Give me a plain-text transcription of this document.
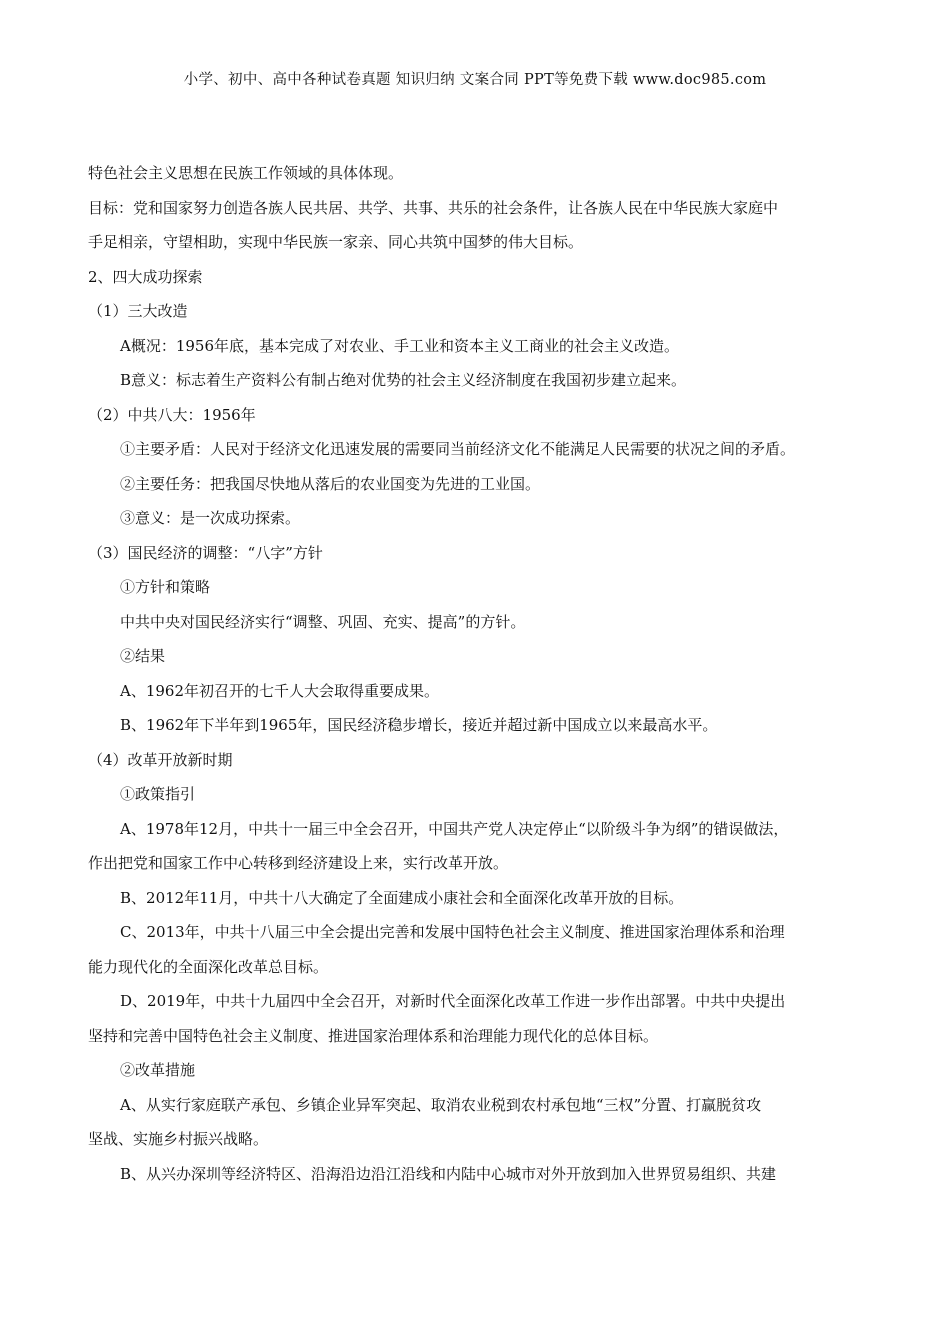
小学、初中、高中各种试卷真题 知识归纳 文案合同 PPT等免费下载 www.doc985.com

特色社会主义思想在民族工作领域的具体体现。

目标：党和国家努力创造各族人民共居、共学、共事、共乐的社会条件，让各族人民在中华民族大家庭中

手足相亲，守望相助，实现中华民族一家亲、同心共筑中国梦的伟大目标。

2、四大成功探索

（1）三大改造

A概况：1956年底，基本完成了对农业、手工业和资本主义工商业的社会主义改造。

B意义：标志着生产资料公有制占绝对优势的社会主义经济制度在我国初步建立起来。

（2）中共八大：1956年

①主要矛盾：人民对于经济文化迅速发展的需要同当前经济文化不能满足人民需要的状况之间的矛盾。

②主要任务：把我国尽快地从落后的农业国变为先进的工业国。

③意义：是一次成功探索。

（3）国民经济的调整：“八字”方针

①方针和策略

中共中央对国民经济实行“调整、巩固、充实、提高”的方针。

②结果

A、1962年初召开的七千人大会取得重要成果。

B、1962年下半年到1965年，国民经济稳步增长，接近并超过新中国成立以来最高水平。

（4）改革开放新时期

①政策指引

A、1978年12月，中共十一届三中全会召开，中国共产党人决定停止“以阶级斗争为纲”的错误做法，

作出把党和国家工作中心转移到经济建设上来，实行改革开放。

B、2012年11月，中共十八大确定了全面建成小康社会和全面深化改革开放的目标。

C、2013年，中共十八届三中全会提出完善和发展中国特色社会主义制度、推进国家治理体系和治理

能力现代化的全面深化改革总目标。

D、2019年，中共十九届四中全会召开，对新时代全面深化改革工作进一步作出部署。中共中央提出

坚持和完善中国特色社会主义制度、推进国家治理体系和治理能力现代化的总体目标。

②改革措施

A、从实行家庭联产承包、乡镇企业异军突起、取消农业税到农村承包地“三权”分置、打赢脱贫攻

坚战、实施乡村振兴战略。

B、从兴办深圳等经济特区、沿海沿边沿江沿线和内陆中心城市对外开放到加入世界贸易组织、共建
